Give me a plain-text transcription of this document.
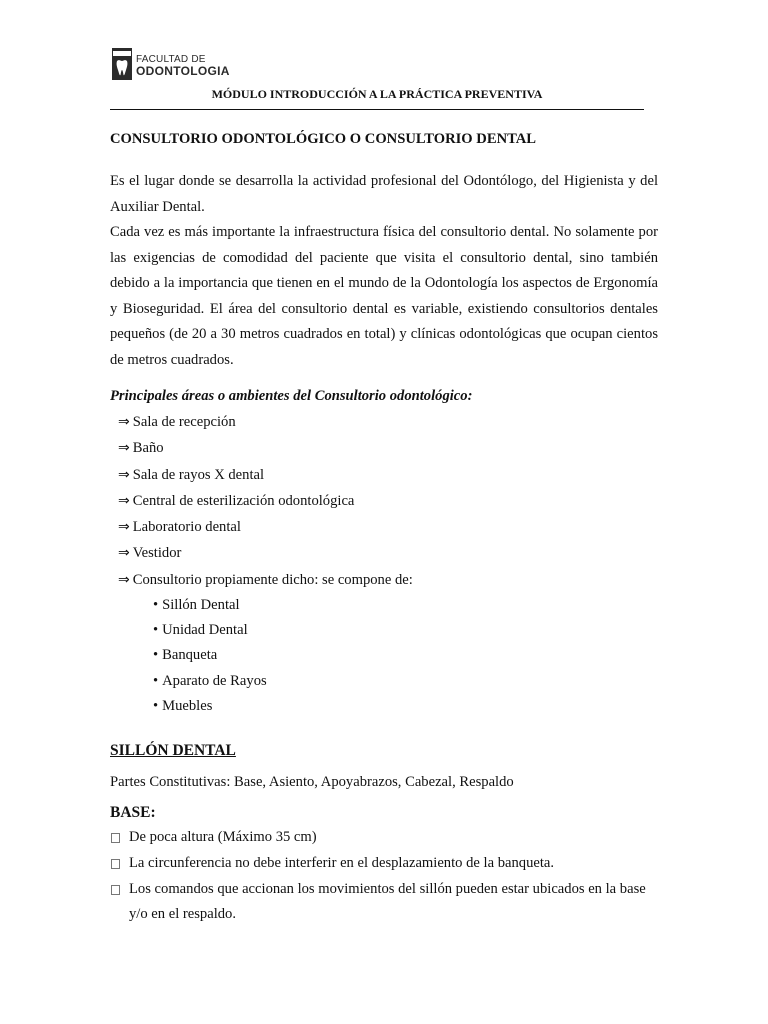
FACULTAD DE
ODONTOLOGIA
MÓDULO INTRODUCCIÓN A LA PRÁCTICA PREVENTIVA

CONSULTORIO ODONTOLÓGICO O CONSULTORIO DENTAL

Es el lugar donde se desarrolla la actividad profesional del Odontólogo, del Higienista y del Auxiliar Dental.

Cada vez es más importante la infraestructura física del consultorio dental. No solamente por las exigencias de comodidad del paciente que visita el consultorio dental, sino también debido a la importancia que tienen en el mundo de la Odontología los aspectos de Ergonomía y Bioseguridad. El área del consultorio dental es variable, existiendo consultorios dentales pequeños (de 20 a 30 metros cuadrados en total) y clínicas odontológicas que ocupan cientos de metros cuadrados.

Principales áreas o ambientes del Consultorio odontológico:

⇒ Sala de recepción
⇒ Baño
⇒ Sala de rayos X dental
⇒ Central de esterilización odontológica
⇒ Laboratorio dental
⇒ Vestidor
⇒ Consultorio propiamente dicho: se compone de:
• Sillón Dental
• Unidad Dental
• Banqueta
• Aparato de Rayos
• Muebles

SILLÓN DENTAL

Partes Constitutivas: Base, Asiento, Apoyabrazos, Cabezal, Respaldo

BASE:

De poca altura (Máximo 35 cm)
La circunferencia no debe interferir en el desplazamiento de la banqueta.
Los comandos que accionan los movimientos del sillón pueden estar ubicados en la base y/o en el respaldo.
